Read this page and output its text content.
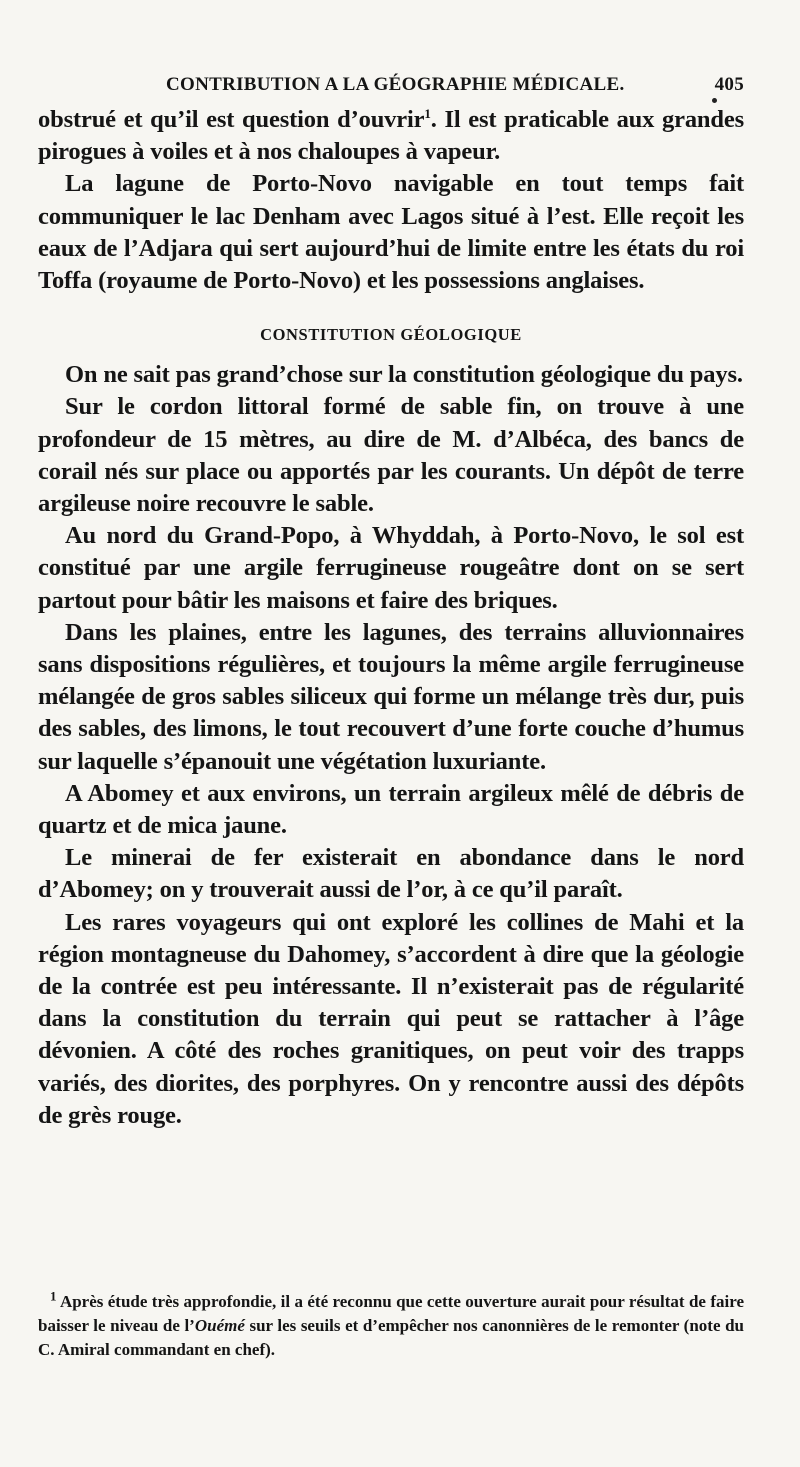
CONTRIBUTION A LA GÉOGRAPHIE MÉDICALE.	405

obstrué et qu’il est question d’ouvrir$^1$. Il est praticable aux grandes pirogues à voiles et à nos chaloupes à vapeur.

La lagune de Porto-Novo navigable en tout temps fait communiquer le lac Denham avec Lagos situé à l’est. Elle reçoit les eaux de l’Adjara qui sert aujourd’hui de limite entre les états du roi Toffa (royaume de Porto-Novo) et les possessions anglaises.

CONSTITUTION GÉOLOGIQUE

On ne sait pas grand’chose sur la constitution géologique du pays.

Sur le cordon littoral formé de sable fin, on trouve à une profondeur de 15 mètres, au dire de M. d’Albéca, des bancs de corail nés sur place ou apportés par les courants. Un dépôt de terre argileuse noire recouvre le sable.

Au nord du Grand-Popo, à Whyddah, à Porto-Novo, le sol est constitué par une argile ferrugineuse rougeâtre dont on se sert partout pour bâtir les maisons et faire des briques.

Dans les plaines, entre les lagunes, des terrains alluvionnaires sans dispositions régulières, et toujours la même argile ferrugineuse mélangée de gros sables siliceux qui forme un mélange très dur, puis des sables, des limons, le tout recouvert d’une forte couche d’humus sur laquelle s’épanouit une végétation luxuriante.

A Abomey et aux environs, un terrain argileux mêlé de débris de quartz et de mica jaune.

Le minerai de fer existerait en abondance dans le nord d’Abomey; on y trouverait aussi de l’or, à ce qu’il paraît.

Les rares voyageurs qui ont exploré les collines de Mahi et la région montagneuse du Dahomey, s’accordent à dire que la géologie de la contrée est peu intéressante. Il n’existerait pas de régularité dans la constitution du terrain qui peut se rattacher à l’âge dévonien. A côté des roches granitiques, on peut voir des trapps variés, des diorites, des porphyres. On y rencontre aussi des dépôts de grès rouge.

$^1$ Après étude très approfondie, il a été reconnu que cette ouverture aurait pour résultat de faire baisser le niveau de l’Ouémé sur les seuils et d’empêcher nos canonnières de le remonter (note du C. Amiral commandant en chef).
